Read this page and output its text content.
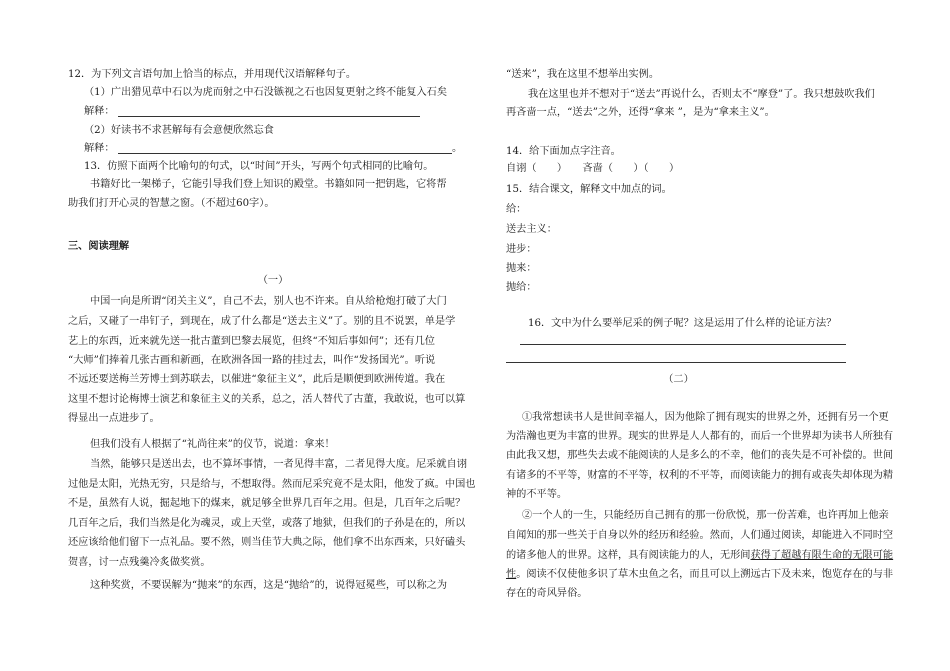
12．为下列文言语句加上恰当的标点，并用现代汉语解释句子。
（1）广出猎见草中石以为虎而射之中石没镞视之石也因复更射之终不能复入石矣
解释：
（2）好读书不求甚解每有会意便欣然忘食
解释：	。
13．仿照下面两个比喻句的句式，以“时间”开头，写两个句式相同的比喻句。
书籍好比一架梯子，它能引导我们登上知识的殿堂。书籍如同一把钥匙，它将帮
助我们打开心灵的智慧之窗。（不超过60字）。
三、阅读理解
（一）
中国一向是所谓“闭关主义”，自己不去，别人也不许来。自从给枪炮打破了大门
之后，又碰了一串钉子，到现在，成了什么都是“送去主义”了。别的且不说罢，单是学
艺上的东西，近来就先送一批古董到巴黎去展览，但终“不知后事如何”；还有几位
“大师”们捧着几张古画和新画，在欧洲各国一路的挂过去，叫作“发扬国光”。听说
不远还要送梅兰芳博士到苏联去，以催进“象征主义”，此后是顺便到欧洲传道。我在
这里不想讨论梅博士演艺和象征主义的关系，总之，活人替代了古董，我敢说，也可以算
得显出一点进步了。
但我们没有人根据了“礼尚往来”的仪节，说道：拿来！
当然，能够只是送出去，也不算坏事情，一者见得丰富，二者见得大度。尼采就自诩
过他是太阳，光热无穷，只是给与，不想取得。然而尼采究竟不是太阳，他发了疯。中国也
不是，虽然有人说，掘起地下的煤来，就足够全世界几百年之用。但是，几百年之后呢？
几百年之后，我们当然是化为魂灵，或上天堂，或落了地狱，但我们的子孙是在的，所以
还应该给他们留下一点礼品。要不然，则当佳节大典之际，他们拿不出东西来，只好磕头
贺喜，讨一点残羹冷炙做奖赏。
这种奖赏，不要误解为“抛来”的东西，这是“抛给”的，说得冠冕些，可以称之为
“送来”，我在这里不想举出实例。
我在这里也并不想对于“送去”再说什么，否则太不“摩登”了。我只想鼓吹我们
再吝啬一点，“送去”之外，还得“拿来 ”，是为“拿来主义”。
14．给下面加点字注音。
自诩（　　）　　吝啬（　　）（　　）
15．结合课文，解释文中加点的词。
给：
送去主义：
进步：
抛来：
抛给：
16．文中为什么要举尼采的例子呢？这是运用了什么样的论证方法？
（二）
①我常想读书人是世间幸福人，因为他除了拥有现实的世界之外，还拥有另一个更
为浩瀚也更为丰富的世界。现实的世界是人人都有的，而后一个世界却为读书人所独有
由此我又想，那些失去或不能阅读的人是多么的不幸，他们的丧失是不可补偿的。世间
有诸多的不平等，财富的不平等，权利的不平等，而阅读能力的拥有或丧失却体现为精
神的不平等。
②一个人的一生，只能经历自己拥有的那一份欣悦，那一份苦难，也许再加上他亲
自闻知的那一些关于自身以外的经历和经验。然而，人们通过阅读，却能进入不同时空
的诸多他人的世界。这样，具有阅读能力的人，无形间获得了超越有限生命的无限可能
性。阅读不仅使他多识了草木虫鱼之名，而且可以上溯远古下及未来，饱览存在的与非
存在的奇风异俗。
